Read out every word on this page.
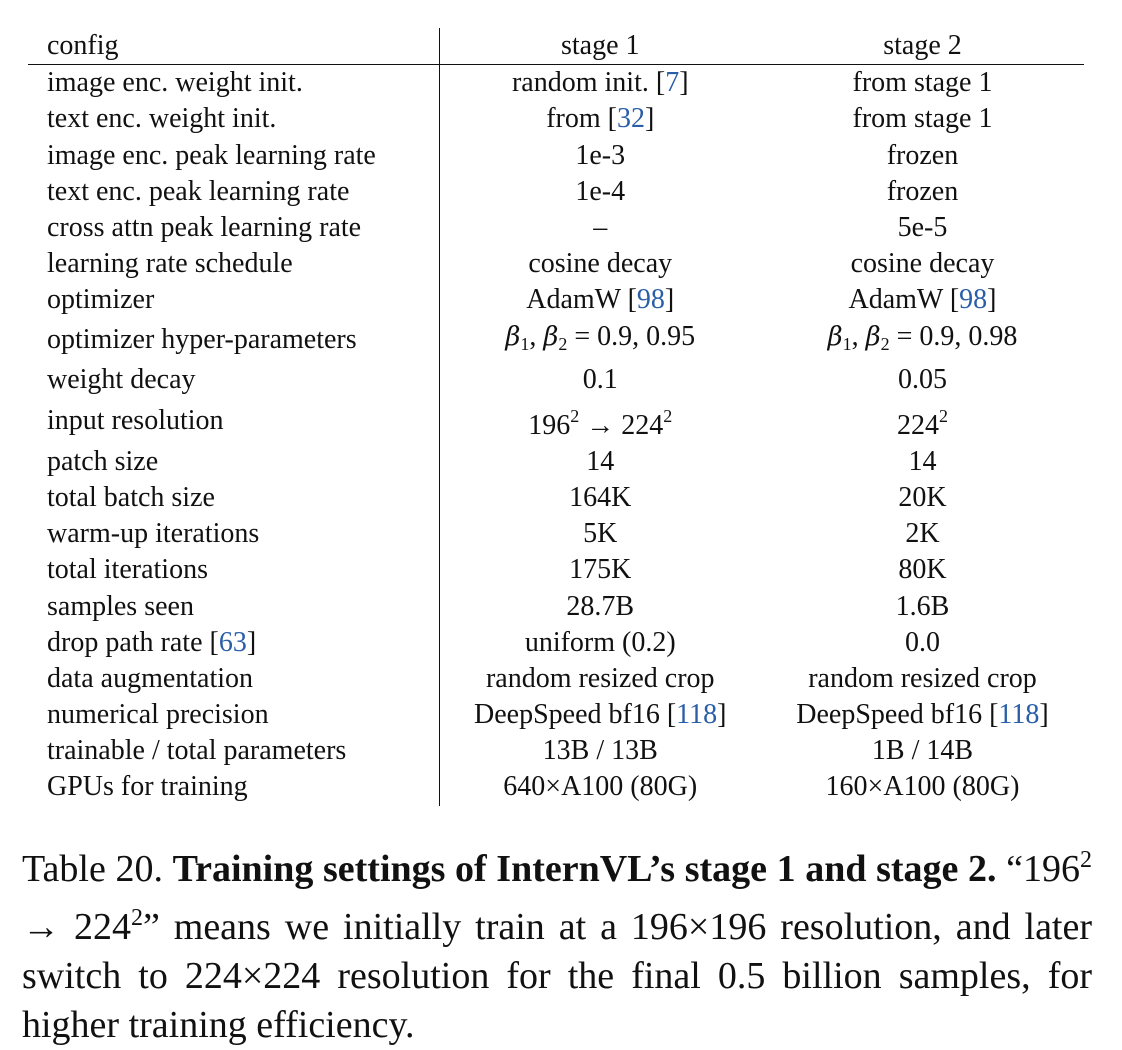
config	stage 1	stage 2
image enc. weight init.	random init. [7]	from stage 1
text enc. weight init.	from [32]	from stage 1
image enc. peak learning rate	1e-3	frozen
text enc. peak learning rate	1e-4	frozen
cross attn peak learning rate	–	5e-5
learning rate schedule	cosine decay	cosine decay
optimizer	AdamW [98]	AdamW [98]
optimizer hyper-parameters	$\beta_1$, $\beta_2 = 0.9$, 0.95	$\beta_1$, $\beta_2 = 0.9$, 0.98
weight decay	0.1	0.05
input resolution	$196^2 \to 224^2$	$224^2$
patch size	14	14
total batch size	164K	20K
warm-up iterations	5K	2K
total iterations	175K	80K
samples seen	28.7B	1.6B
drop path rate [63]	uniform (0.2)	0.0
data augmentation	random resized crop	random resized crop
numerical precision	DeepSpeed bf16 [118]	DeepSpeed bf16 [118]
trainable / total parameters	13B / 13B	1B / 14B
GPUs for training	640×A100 (80G)	160×A100 (80G)
Table 20. Training settings of InternVL’s stage 1 and stage 2. “$196^2 \to 224^2$” means we initially train at a 196×196 resolution, and later switch to 224×224 resolution for the final 0.5 billion samples, for higher training efficiency.
